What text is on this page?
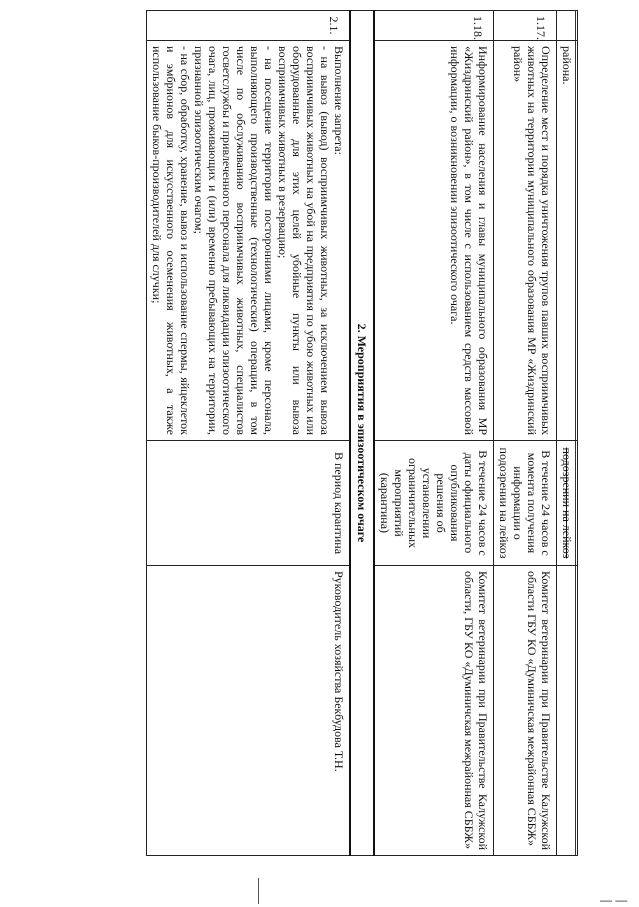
	района.	подозрении на лейкоз	
1.17.	Определение мест и порядка уничтожения трупов павших восприимчивых животных на территории муниципального образования МР «Жиздринский район»	В течение 24 часов с момента получения информации о подозрении на лейкоз	Комитет ветеринарии при Правительстве Калужской области ГБУ КО «Думиничская межрайонная СББЖ»
1.18.	Информирование населения и главы муниципального образования МР «Жиздринский район», в том числе с использованием средств массовой информации, о возникновении эпизоотического очага.	В течение 24 часов с даты официального опубликования решения об установлении ограничительных мероприятий (карантина)	Комитет ветеринарии при Правительстве Калужской области, ГБУ КО «Думиничская межрайонная СББЖ»
2. Мероприятия в эпизоотическом очаге			
2.1.	Выполнение запрета:
- на вывоз (вывод) восприимчивых животных, за исключением вывоза восприимчивых животных на убой на предприятия по убою животных или оборудованные для этих целей убойные пункты или вывоза восприимчивых животных в резервацию;
- на посещение территории посторонними лицами, кроме персонала, выполняющего производственные (технологические) операции, в том числе по обслуживанию восприимчивых животных, специалистов госветслужбы и привлеченного персонала для ликвидации эпизоотического очага, лиц, проживающих и (или) временно пребывающих на территории, признанной эпизоотическим очагом;
- на сбор, обработку, хранение, вывоз и использование спермы, яйцеклеток и эмбрионов для искусственного осеменения животных, а также использование быков-производителей для случки;	В период карантина	Руководитель хозяйства Бекбудова Т.Н.
— —
